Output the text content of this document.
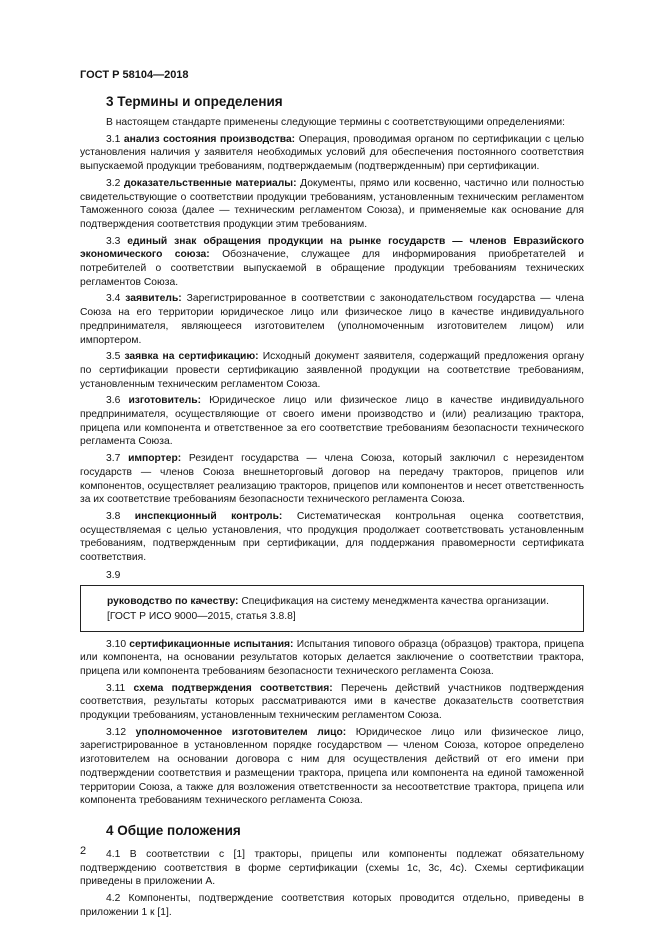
ГОСТ Р 58104—2018
3 Термины и определения

В настоящем стандарте применены следующие термины с соответствующими определениями:

3.1 анализ состояния производства: Операция, проводимая органом по сертификации с целью установления наличия у заявителя необходимых условий для обеспечения постоянного соответствия выпускаемой продукции требованиям, подтверждаемым (подтвержденным) при сертификации.

3.2 доказательственные материалы: Документы, прямо или косвенно, частично или полностью свидетельствующие о соответствии продукции требованиям, установленным техническим регламентом Таможенного союза (далее — техническим регламентом Союза), и применяемые как основание для подтверждения соответствия продукции этим требованиям.

3.3 единый знак обращения продукции на рынке государств — членов Евразийского экономического союза: Обозначение, служащее для информирования приобретателей и потребителей о соответствии выпускаемой в обращение продукции требованиям технических регламентов Союза.

3.4 заявитель: Зарегистрированное в соответствии с законодательством государства — члена Союза на его территории юридическое лицо или физическое лицо в качестве индивидуального предпринимателя, являющееся изготовителем (уполномоченным изготовителем лицом) или импортером.

3.5 заявка на сертификацию: Исходный документ заявителя, содержащий предложения органу по сертификации провести сертификацию заявленной продукции на соответствие требованиям, установленным техническим регламентом Союза.

3.6 изготовитель: Юридическое лицо или физическое лицо в качестве индивидуального предпринимателя, осуществляющие от своего имени производство и (или) реализацию трактора, прицепа или компонента и ответственное за его соответствие требованиям безопасности технического регламента Союза.

3.7 импортер: Резидент государства — члена Союза, который заключил с нерезидентом государств — членов Союза внешнеторговый договор на передачу тракторов, прицепов или компонентов, осуществляет реализацию тракторов, прицепов или компонентов и несет ответственность за их соответствие требованиям безопасности технического регламента Союза.

3.8 инспекционный контроль: Систематическая контрольная оценка соответствия, осуществляемая с целью установления, что продукция продолжает соответствовать установленным требованиям, подтвержденным при сертификации, для поддержания правомерности сертификата соответствия.

3.9

руководство по качеству: Спецификация на систему менеджмента качества организации.
[ГОСТ Р ИСО 9000—2015, статья 3.8.8]

3.10 сертификационные испытания: Испытания типового образца (образцов) трактора, прицепа или компонента, на основании результатов которых делается заключение о соответствии трактора, прицепа или компонента требованиям безопасности технического регламента Союза.

3.11 схема подтверждения соответствия: Перечень действий участников подтверждения соответствия, результаты которых рассматриваются ими в качестве доказательств соответствия продукции требованиям, установленным техническим регламентом Союза.

3.12 уполномоченное изготовителем лицо: Юридическое лицо или физическое лицо, зарегистрированное в установленном порядке государством — членом Союза, которое определено изготовителем на основании договора с ним для осуществления действий от его имени при подтверждении соответствия и размещении трактора, прицепа или компонента на единой таможенной территории Союза, а также для возложения ответственности за несоответствие трактора, прицепа или компонента требованиям технического регламента Союза.

4 Общие положения

4.1 В соответствии с [1] тракторы, прицепы или компоненты подлежат обязательному подтверждению соответствия в форме сертификации (схемы 1с, 3с, 4с). Схемы сертификации приведены в приложении А.

4.2 Компоненты, подтверждение соответствия которых проводится отдельно, приведены в приложении 1 к [1].

2
